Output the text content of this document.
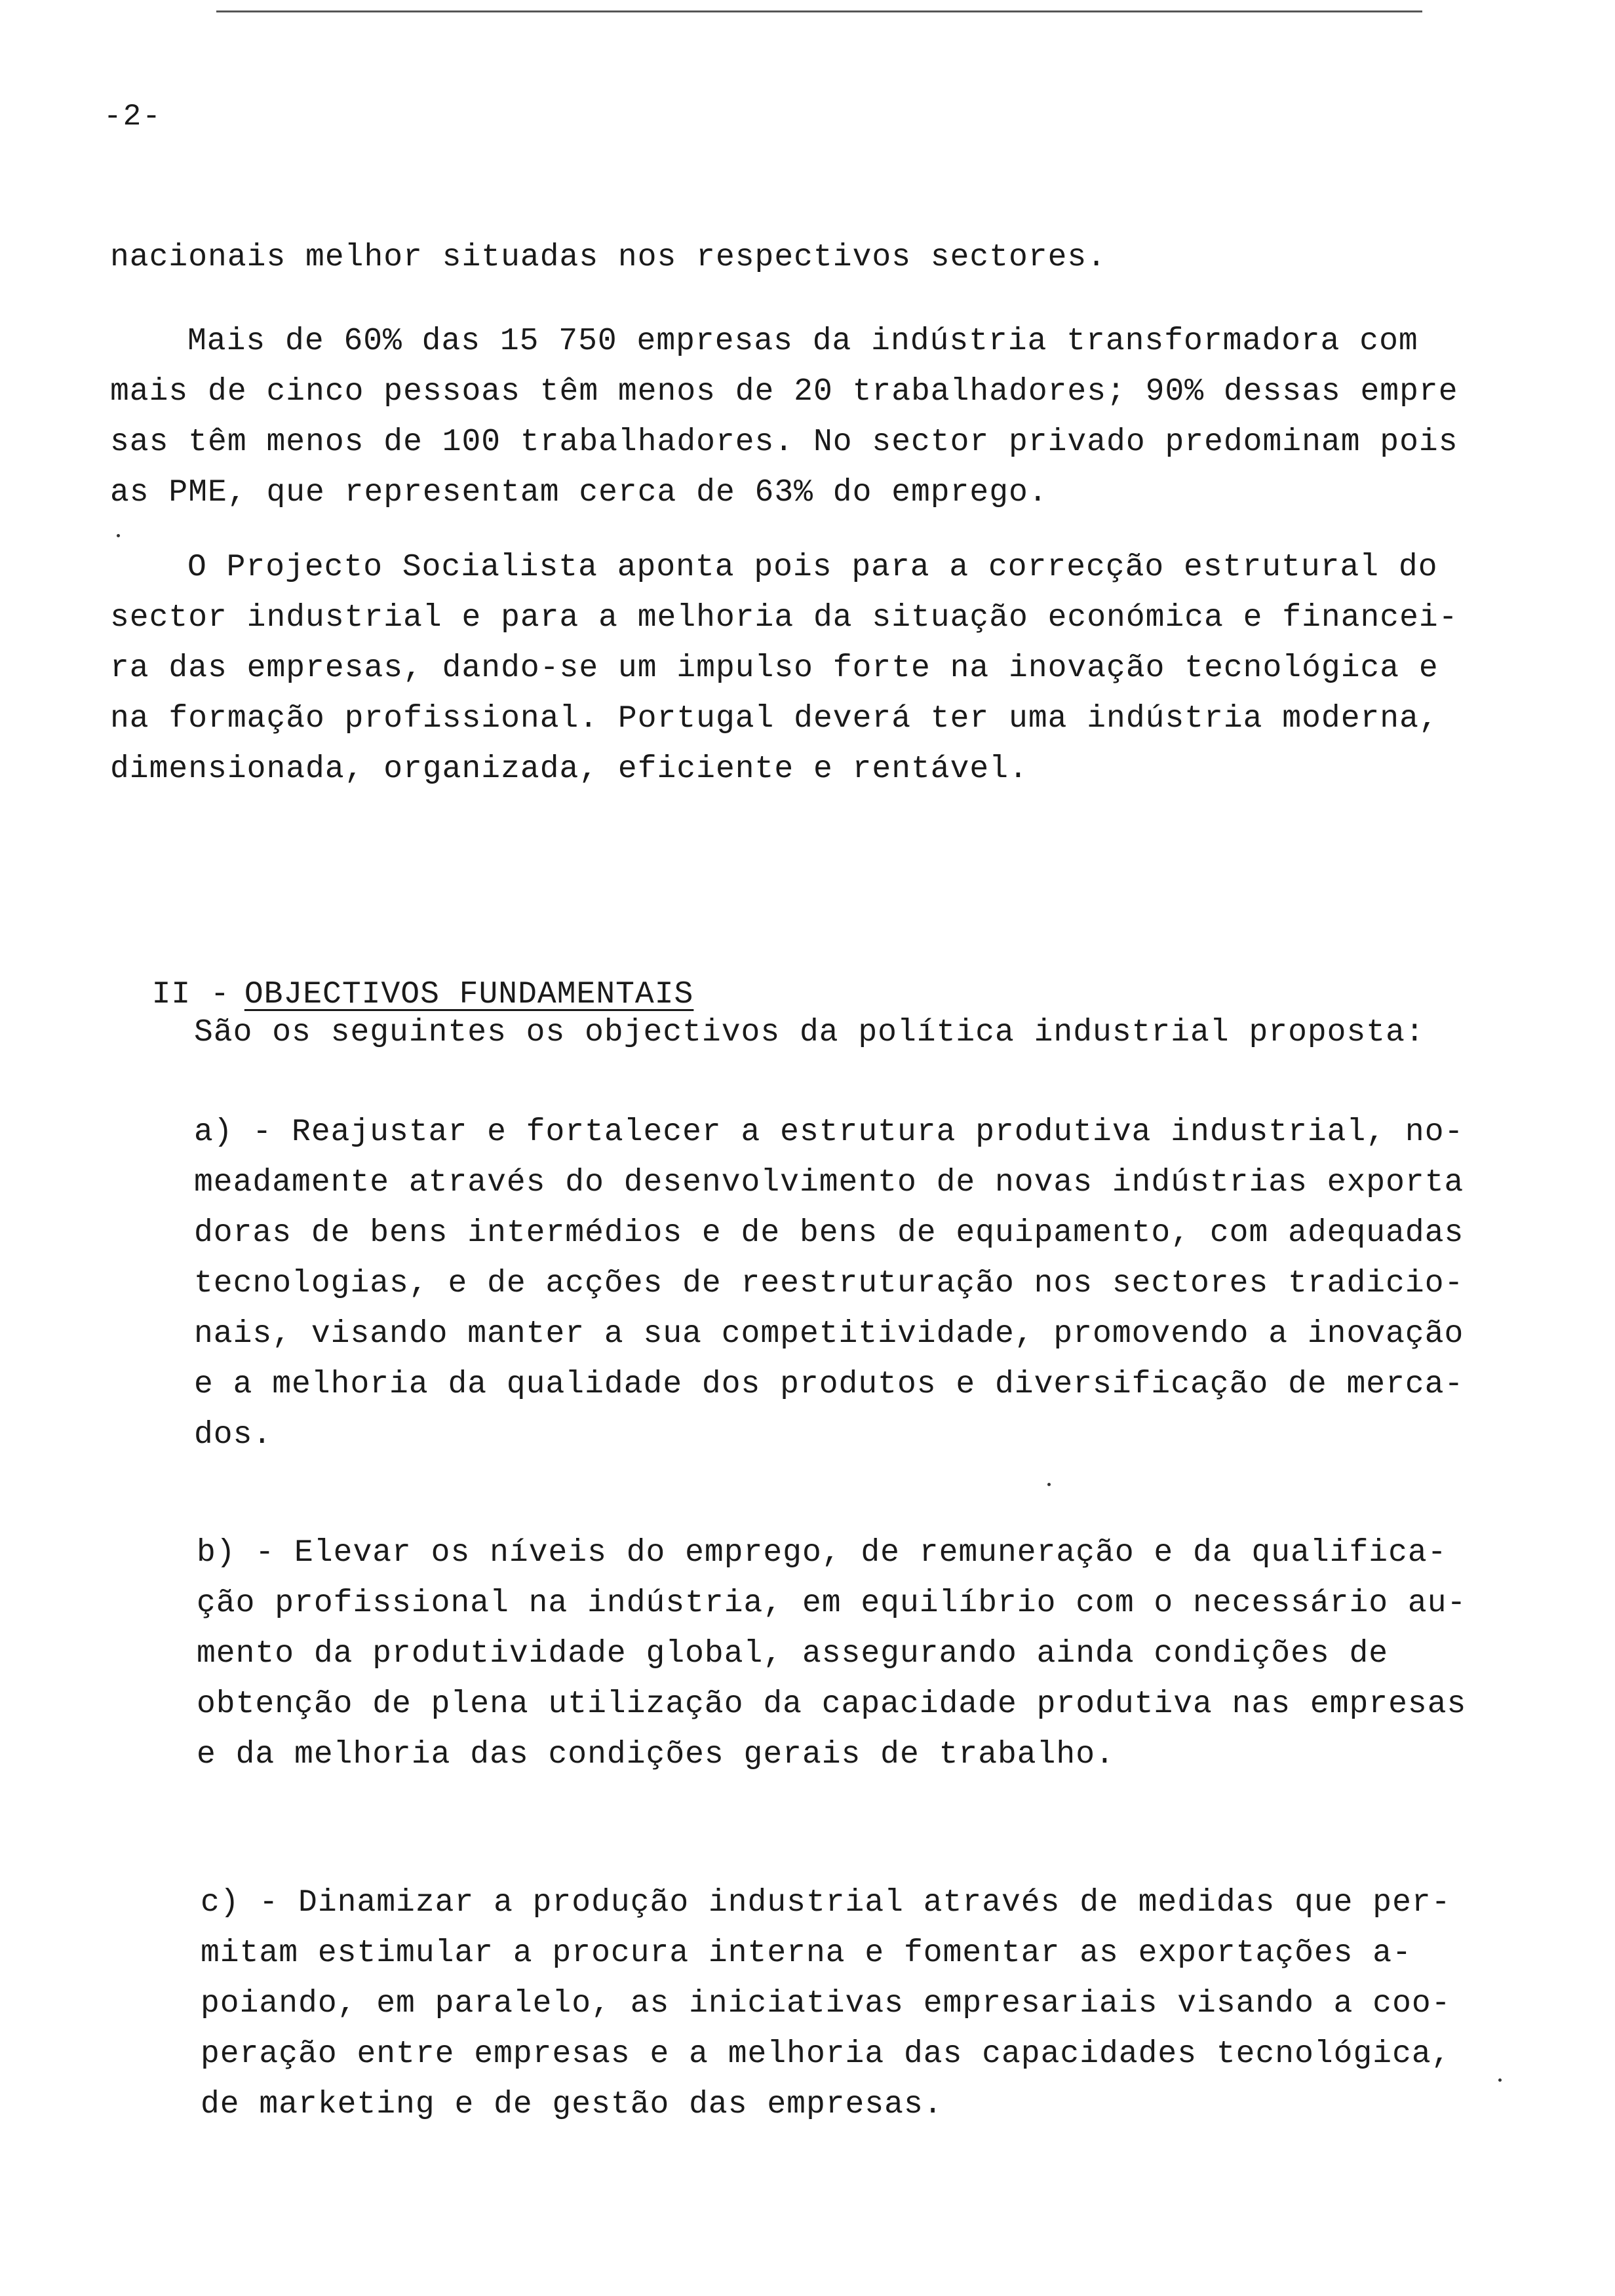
-2-
nacionais melhor situadas nos respectivos sectores.
Mais de 60% das 15 750 empresas da indústria transformadora com
mais de cinco pessoas têm menos de 20 trabalhadores; 90% dessas empre
sas têm menos de 100 trabalhadores. No sector privado predominam pois
as PME, que representam cerca de 63% do emprego.
O Projecto Socialista aponta pois para a correcção estrutural do
sector industrial e para a melhoria da situação económica e financei-
ra das empresas, dando-se um impulso forte na inovação tecnológica e
na formação profissional. Portugal deverá ter uma indústria moderna,
dimensionada, organizada, eficiente e rentável.

II - OBJECTIVOS FUNDAMENTAIS

São os seguintes os objectivos da política industrial proposta:
a) - Reajustar e fortalecer a estrutura produtiva industrial, no-
meadamente através do desenvolvimento de novas indústrias exporta
doras de bens intermédios e de bens de equipamento, com adequadas
tecnologias, e de acções de reestruturação nos sectores tradicio-
nais, visando manter a sua competitividade, promovendo a inovação
e a melhoria da qualidade dos produtos e diversificação de merca-
dos.
b) - Elevar os níveis do emprego, de remuneração e da qualifica-
ção profissional na indústria, em equilíbrio com o necessário au-
mento da produtividade global, assegurando ainda condições de
obtenção de plena utilização da capacidade produtiva nas empresas
e da melhoria das condições gerais de trabalho.
c) - Dinamizar a produção industrial através de medidas que per-
mitam estimular a procura interna e fomentar as exportações a-
poiando, em paralelo, as iniciativas empresariais visando a coo-
peração entre empresas e a melhoria das capacidades tecnológica,
de marketing e de gestão das empresas.
